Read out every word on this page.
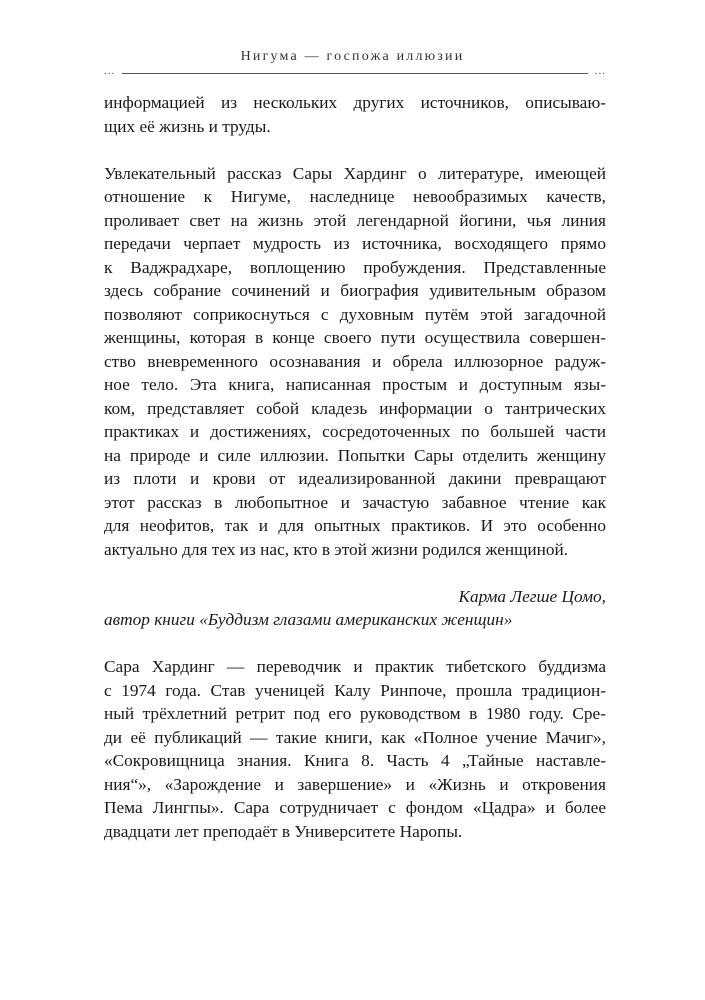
Нигума — госпожа иллюзии
...	...

информацией из нескольких других источников, описываю-
щих её жизнь и труды.

Увлекательный рассказ Сары Хардинг о литературе, имеющей
отношение к Нигуме, наследнице невообразимых качеств,
проливает свет на жизнь этой легендарной йогини, чья линия
передачи черпает мудрость из источника, восходящего прямо
к Ваджрадхаре, воплощению пробуждения. Представленные
здесь собрание сочинений и биография удивительным образом
позволяют соприкоснуться с духовным путём этой загадочной
женщины, которая в конце своего пути осуществила совершен-
ство вневременного осознавания и обрела иллюзорное радуж-
ное тело. Эта книга, написанная простым и доступным язы-
ком, представляет собой кладезь информации о тантрических
практиках и достижениях, сосредоточенных по большей части
на природе и силе иллюзии. Попытки Сары отделить женщину
из плоти и крови от идеализированной дакини превращают
этот рассказ в любопытное и зачастую забавное чтение как
для неофитов, так и для опытных практиков. И это особенно
актуально для тех из нас, кто в этой жизни родился женщиной.

Карма Легше Цомо,
автор книги «Буддизм глазами американских женщин»

Сара Хардинг — переводчик и практик тибетского буддизма
с 1974 года. Став ученицей Калу Ринпоче, прошла традицион-
ный трёхлетний ретрит под его руководством в 1980 году. Сре-
ди её публикаций — такие книги, как «Полное учение Мачиг»,
«Сокровищница знания. Книга 8. Часть 4 „Тайные наставле-
ния“», «Зарождение и завершение» и «Жизнь и откровения
Пема Лингпы». Сара сотрудничает с фондом «Цадра» и более
двадцати лет преподаёт в Университете Наропы.
